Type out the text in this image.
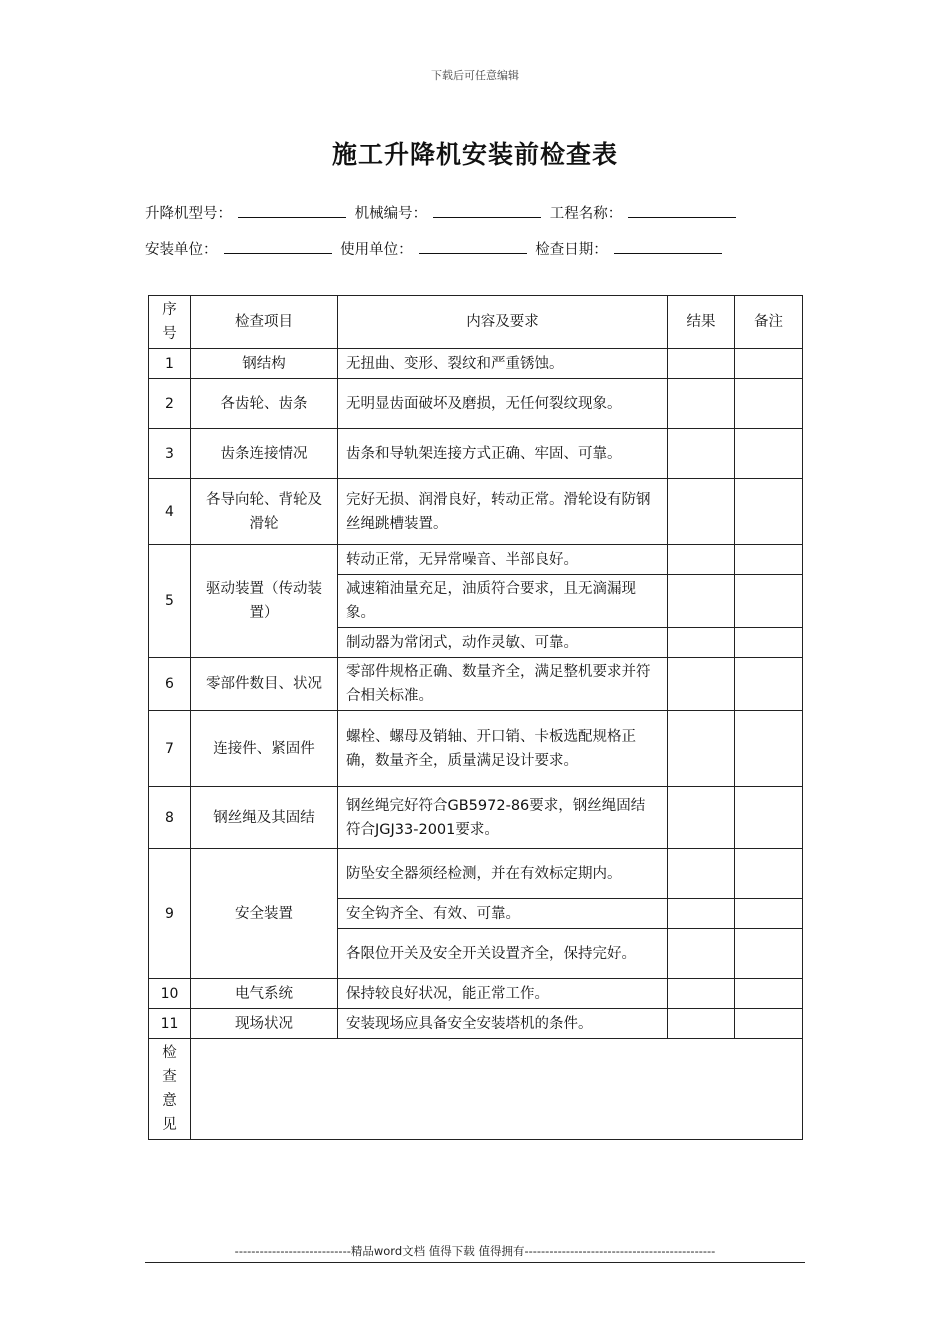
下载后可任意编辑
施工升降机安装前检查表
升降机型号：	机械编号：	工程名称：
安装单位：	使用单位：	检查日期：
序号	检查项目	内容及要求	结果	备注
1	钢结构	无扭曲、变形、裂纹和严重锈蚀。		
2	各齿轮、齿条	无明显齿面破坏及磨损，无任何裂纹现象。		
3	齿条连接情况	齿条和导轨架连接方式正确、牢固、可靠。		
4	各导向轮、背轮及滑轮	完好无损、润滑良好，转动正常。滑轮设有防钢丝绳跳槽装置。		
5	驱动装置（传动装置）	转动正常，无异常噪音、半部良好。		
		减速箱油量充足，油质符合要求，且无滴漏现象。		
		制动器为常闭式，动作灵敏、可靠。		
6	零部件数目、状况	零部件规格正确、数量齐全，满足整机要求并符合相关标准。		
7	连接件、紧固件	螺栓、螺母及销轴、开口销、卡板选配规格正确，数量齐全，质量满足设计要求。		
8	钢丝绳及其固结	钢丝绳完好符合GB5972-86要求，钢丝绳固结符合JGJ33-2001要求。		
9	安全装置	防坠安全器须经检测，并在有效标定期内。		
		安全钩齐全、有效、可靠。		
		各限位开关及安全开关设置齐全，保持完好。		
10	电气系统	保持较良好状况，能正常工作。		
11	现场状况	安装现场应具备安全安装塔机的条件。		
检查意见				
----------------------------精品word文档 值得下载 值得拥有----------------------------------------------
